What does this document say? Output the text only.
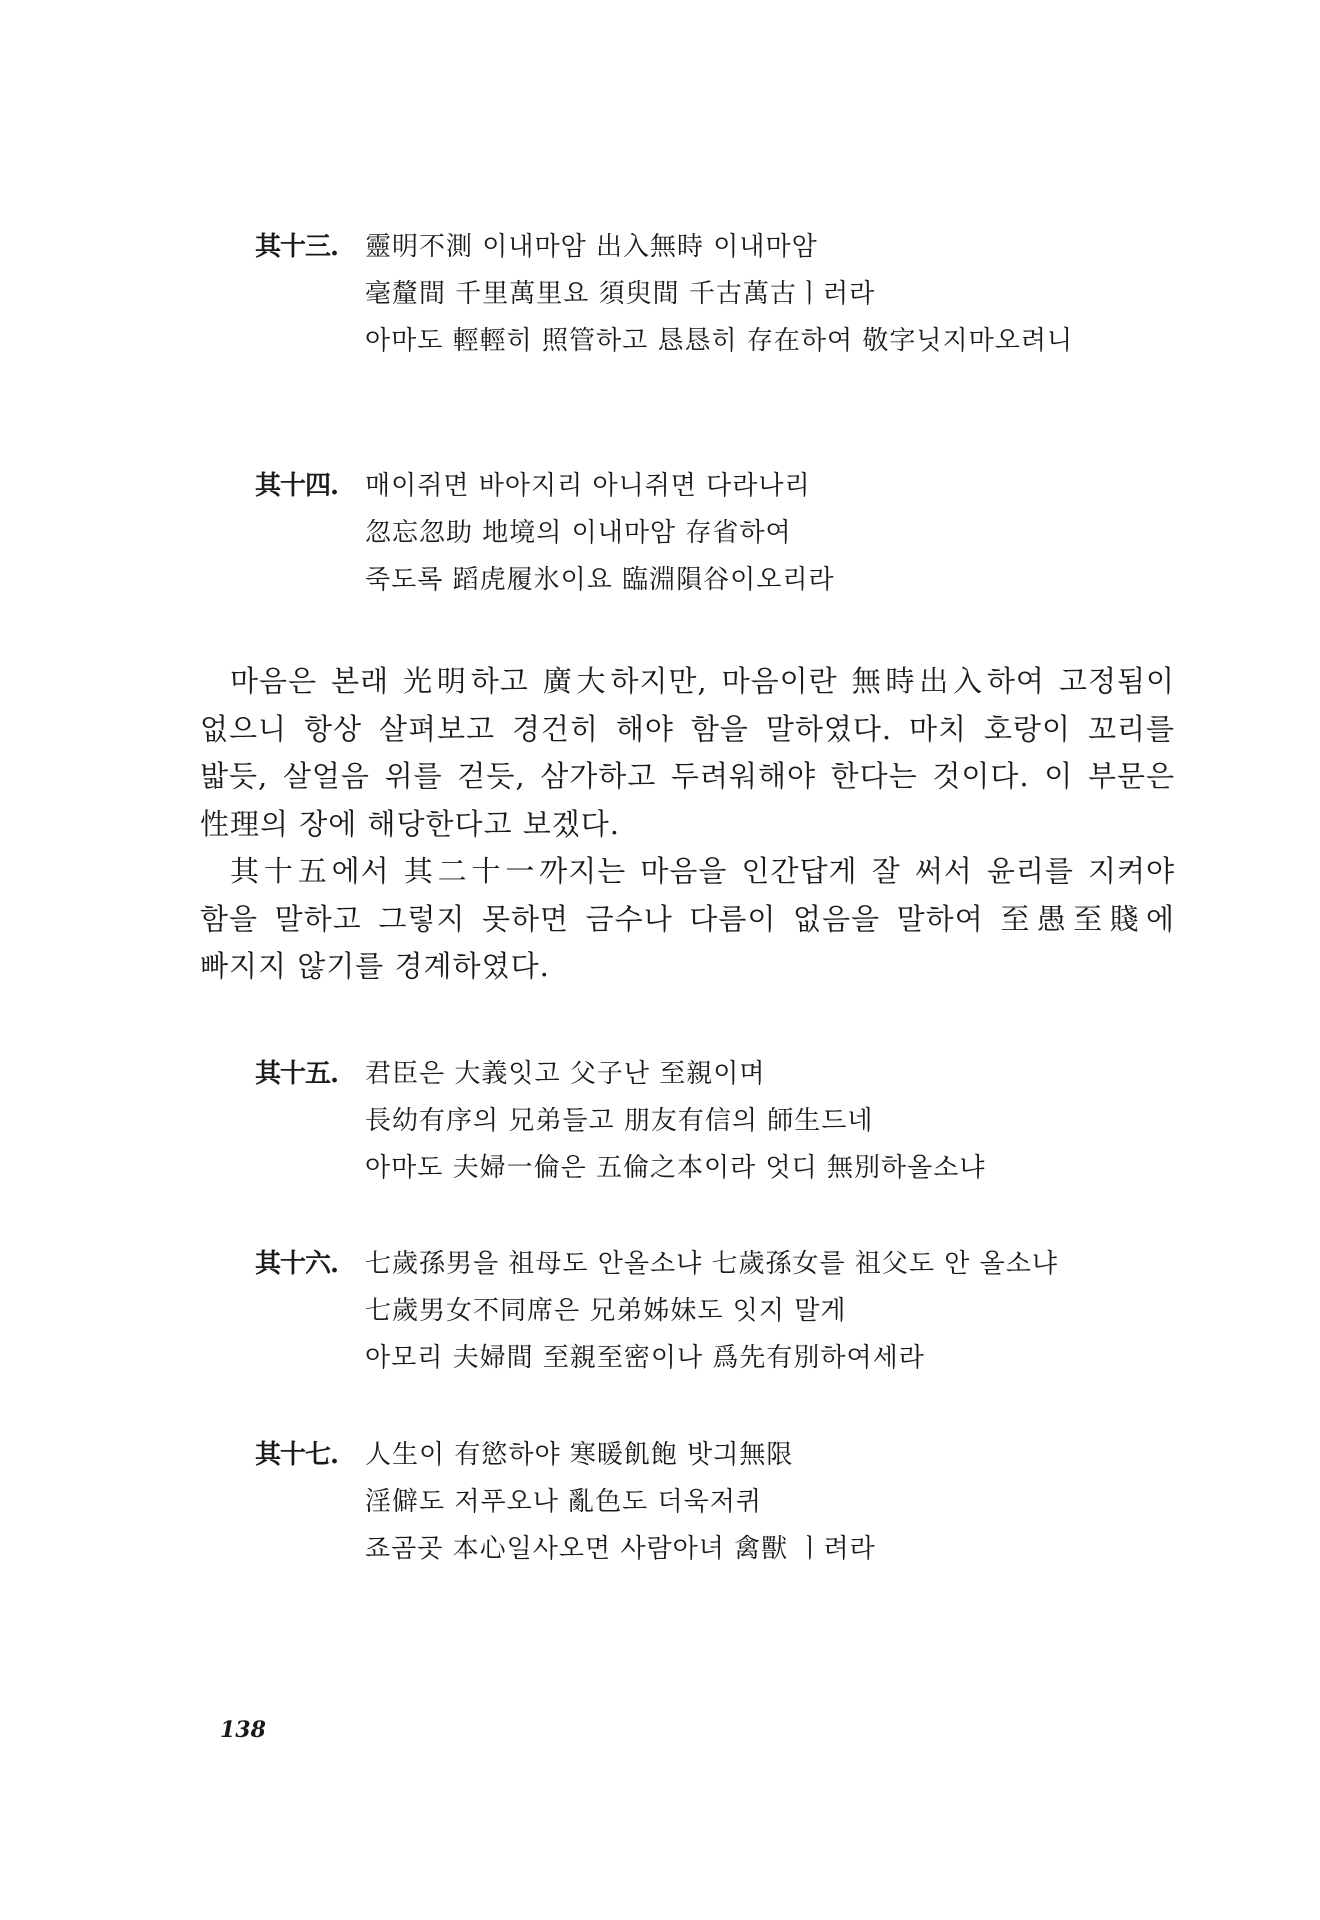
其十三.	靈明不測 이내마암 出入無時 이내마암
毫釐間 千里萬里요 須臾間 千古萬古ㅣ러라
아마도 輕輕히 照管하고 恳恳히 存在하여 敬字닛지마오려니
其十四.	매이쥐면 바아지리 아니쥐면 다라나리
忽忘忽助 地境의 이내마암 存省하여
죽도록 蹈虎履氷이요 臨淵隕谷이오리라

마음은 본래 光明하고 廣大하지만, 마음이란 無時出入하여 고정됨이 없으니 항상 살펴보고 경건히 해야 함을 말하였다. 마치 호랑이 꼬리를 밟듯, 살얼음 위를 걷듯, 삼가하고 두려워해야 한다는 것이다. 이 부문은 性理의 장에 해당한다고 보겠다.

其十五에서 其二十一까지는 마음을 인간답게 잘 써서 윤리를 지켜야 함을 말하고 그렇지 못하면 금수나 다름이 없음을 말하여 至愚至賤에 빠지지 않기를 경계하였다.

其十五.	君臣은 大義잇고 父子난 至親이며
長幼有序의 兄弟들고 朋友有信의 師生드네
아마도 夫婦一倫은 五倫之本이라 엇디 無別하올소냐
其十六.	七歲孫男을 祖母도 안올소냐 七歲孫女를 祖父도 안 올소냐
七歲男女不同席은 兄弟姊妹도 잇지 말게
아모리 夫婦間 至親至密이나 爲先有別하여세라
其十七.	人生이 有慾하야 寒暖飢飽 밧긔無限
淫僻도 저푸오나 亂色도 더욱저퀴
죠곰곳 本心일사오면 사람아녀 禽獸 ㅣ려라
138
